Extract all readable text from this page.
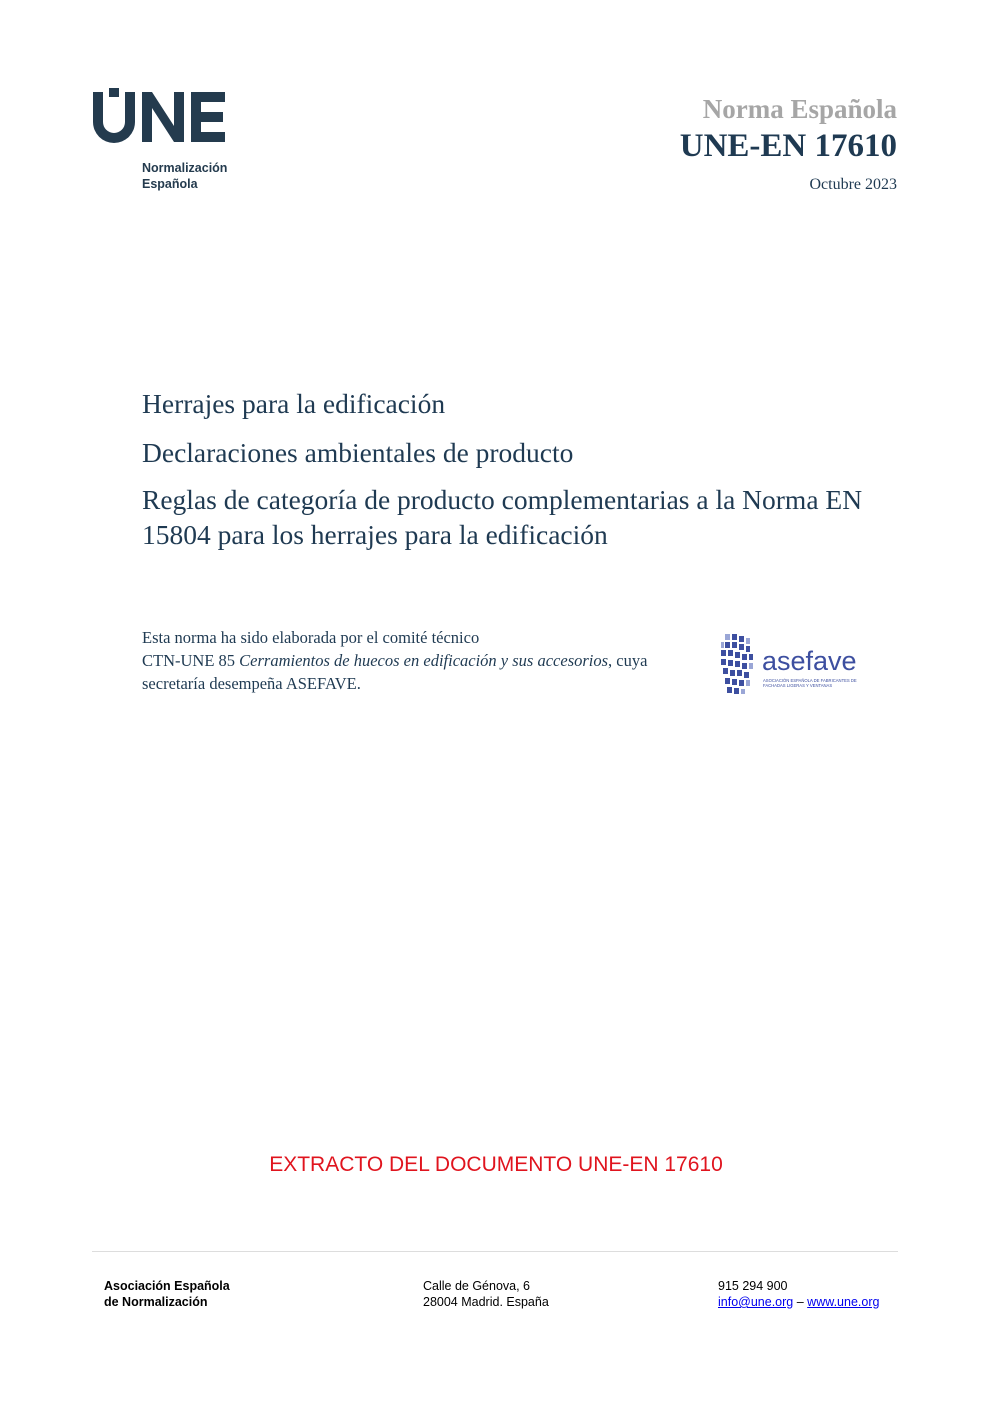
Normalización
Española
Norma Española
UNE-EN 17610
Octubre 2023
Herrajes para la edificación
Declaraciones ambientales de producto
Reglas de categoría de producto complementarias a la Norma EN 15804 para los herrajes para la edificación
Esta norma ha sido elaborada por el comité técnico
CTN-UNE 85 Cerramientos de huecos en edificación y sus accesorios, cuya secretaría desempeña ASEFAVE.
asefave
ASOCIACIÓN ESPAÑOLA DE FABRICANTES DE FACHADAS LIGERAS Y VENTANAS
EXTRACTO DEL DOCUMENTO UNE-EN 17610
Asociación Española
de Normalización
Calle de Génova, 6
28004 Madrid. España
915 294 900
info@une.org – www.une.org
